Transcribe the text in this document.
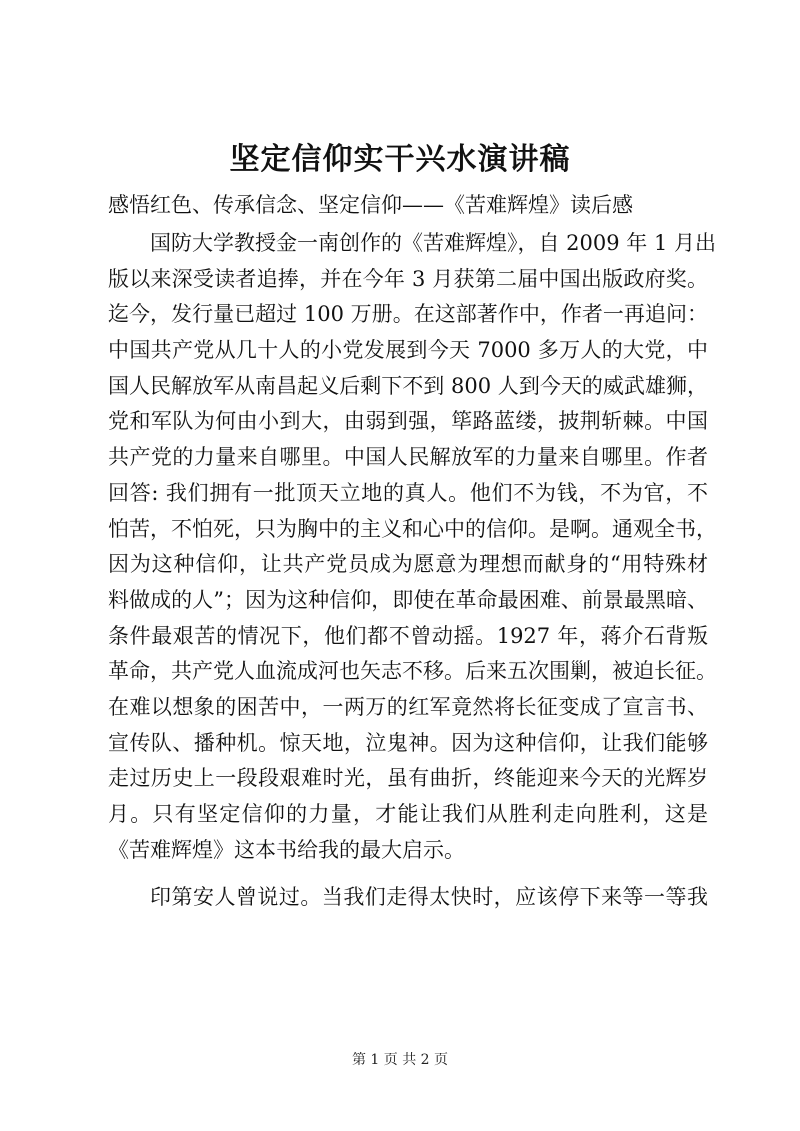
坚定信仰实干兴水演讲稿
感悟红色、传承信念、坚定信仰——《苦难辉煌》读后感
国防大学教授金一南创作的《苦难辉煌》，自 2009 年 1 月出
版以来深受读者追捧，并在今年 3 月获第二届中国出版政府奖。
迄今，发行量已超过 100 万册。在这部著作中，作者一再追问：
中国共产党从几十人的小党发展到今天 7000 多万人的大党，中
国人民解放军从南昌起义后剩下不到 800 人到今天的威武雄狮，
党和军队为何由小到大，由弱到强，筚路蓝缕，披荆斩棘。中国
共产党的力量来自哪里。中国人民解放军的力量来自哪里。作者
回答: 我们拥有一批顶天立地的真人。他们不为钱，不为官，不
怕苦，不怕死，只为胸中的主义和心中的信仰。是啊。通观全书，
因为这种信仰，让共产党员成为愿意为理想而献身的“用特殊材
料做成的人”；因为这种信仰，即使在革命最困难、前景最黑暗、
条件最艰苦的情况下，他们都不曾动摇。1927 年，蒋介石背叛
革命，共产党人血流成河也矢志不移。后来五次围剿，被迫长征。
在难以想象的困苦中，一两万的红军竟然将长征变成了宣言书、
宣传队、播种机。惊天地，泣鬼神。因为这种信仰，让我们能够
走过历史上一段段艰难时光，虽有曲折，终能迎来今天的光辉岁
月。只有坚定信仰的力量，才能让我们从胜利走向胜利，这是
《苦难辉煌》这本书给我的最大启示。
印第安人曾说过。当我们走得太快时，应该停下来等一等我
第 1 页 共 2 页
